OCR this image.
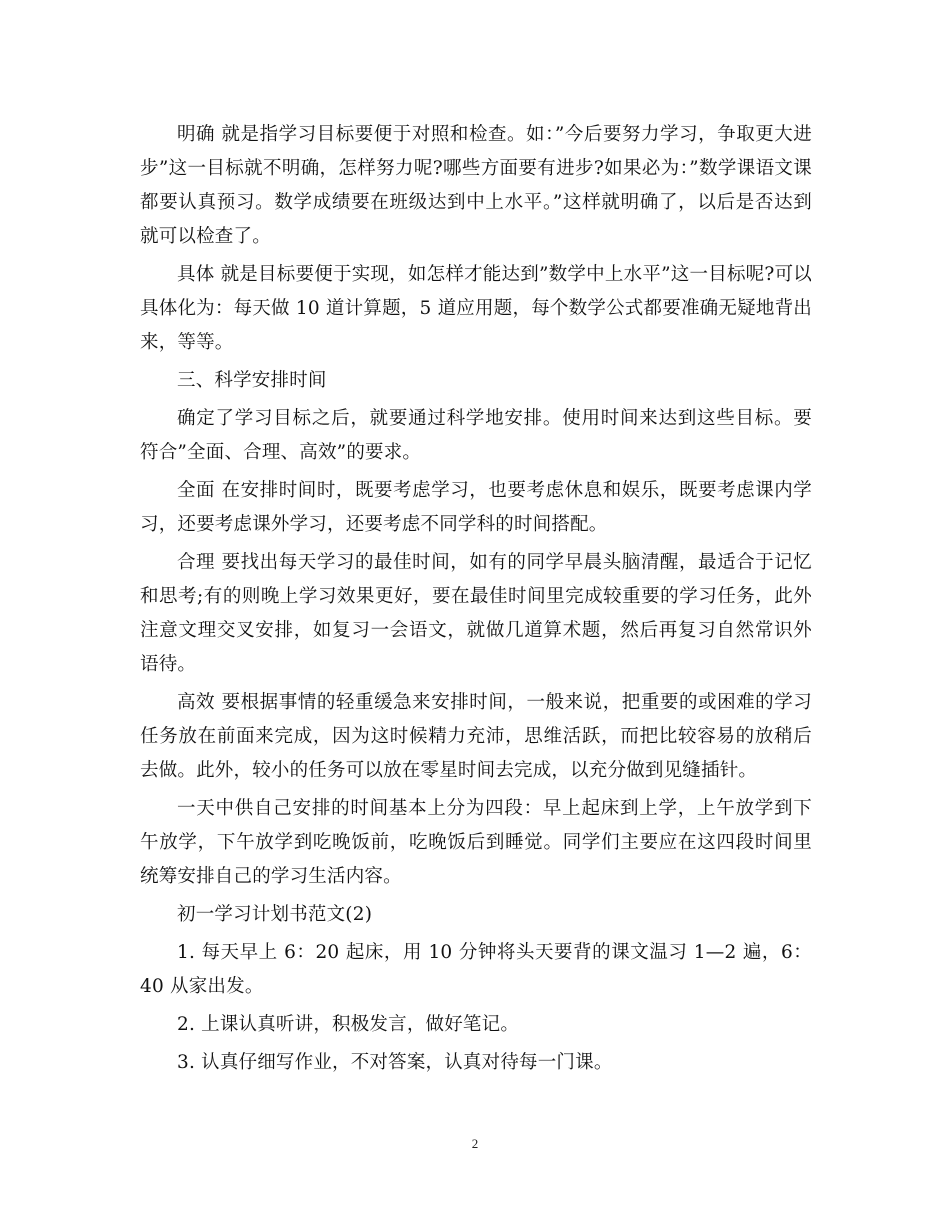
明确 就是指学习目标要便于对照和检查。如：”今后要努力学习，争取更大进步”这一目标就不明确，怎样努力呢?哪些方面要有进步?如果必为：”数学课语文课都要认真预习。数学成绩要在班级达到中上水平。”这样就明确了，以后是否达到就可以检查了。

具体 就是目标要便于实现，如怎样才能达到”数学中上水平”这一目标呢?可以具体化为：每天做 10 道计算题，5 道应用题，每个数学公式都要准确无疑地背出来，等等。

三、科学安排时间

确定了学习目标之后，就要通过科学地安排。使用时间来达到这些目标。要符合”全面、合理、高效”的要求。

全面 在安排时间时，既要考虑学习，也要考虑休息和娱乐，既要考虑课内学习，还要考虑课外学习，还要考虑不同学科的时间搭配。

合理 要找出每天学习的最佳时间，如有的同学早晨头脑清醒，最适合于记忆和思考;有的则晚上学习效果更好，要在最佳时间里完成较重要的学习任务，此外注意文理交叉安排，如复习一会语文，就做几道算术题，然后再复习自然常识外语待。

高效 要根据事情的轻重缓急来安排时间，一般来说，把重要的或困难的学习任务放在前面来完成，因为这时候精力充沛，思维活跃，而把比较容易的放稍后去做。此外，较小的任务可以放在零星时间去完成，以充分做到见缝插针。

一天中供自己安排的时间基本上分为四段：早上起床到上学，上午放学到下午放学，下午放学到吃晚饭前，吃晚饭后到睡觉。同学们主要应在这四段时间里统筹安排自己的学习生活内容。

初一学习计划书范文(2)

1. 每天早上 6：20 起床，用 10 分钟将头天要背的课文温习 1—2 遍，6：40 从家出发。

2. 上课认真听讲，积极发言，做好笔记。

3. 认真仔细写作业，不对答案，认真对待每一门课。

2
